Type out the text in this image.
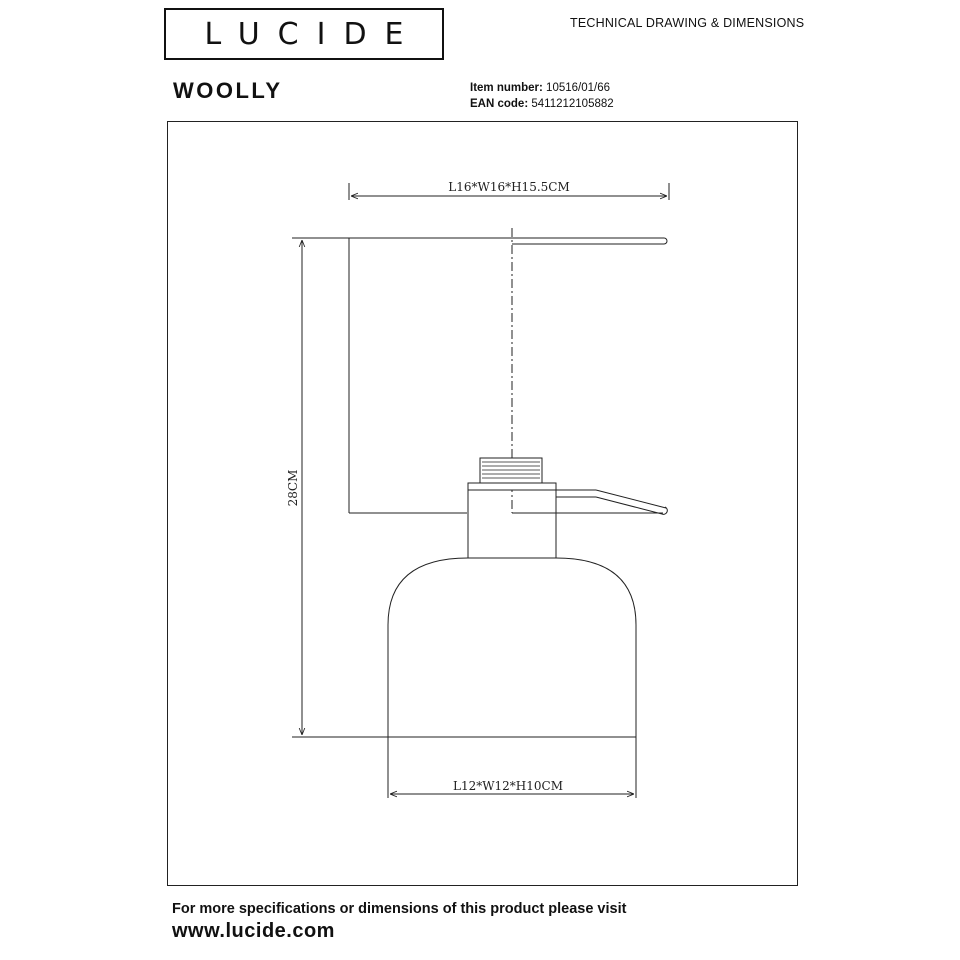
LUCIDE	TECHNICAL DRAWING & DIMENSIONS
WOOLLY	Item number: 10516/01/66
EAN code: 5411212105882
L16*W16*H15.5CM
28CM
L12*W12*H10CM
For more specifications or dimensions of this product please visit
www.lucide.com
